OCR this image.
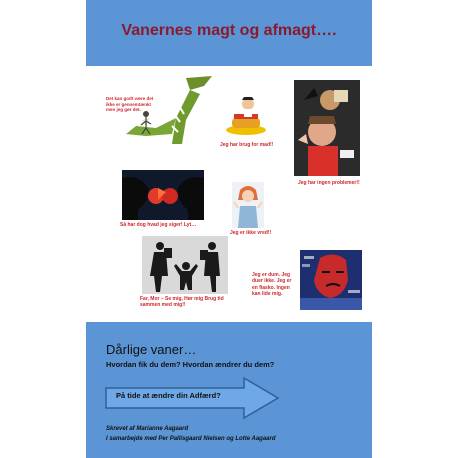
Vanernes magt og afmagt….
Det kan godt være det ikke er gennemtænkt men jeg gør det.
Jeg har brug for mad!!
Jeg har ingen problemer!!
Så har dog hvad jeg siger! Lyt…
Jeg er ikke vred!!
Far, Mor – Se mig, Hør mig Brug tid sammen med mig!!
Jeg er dum. Jeg duer ikke. Jeg er en fiasko. Ingen kan lide mig.
Dårlige vaner…
Hvordan fik du dem? Hvordan ændrer du dem?
På tide at ændre din Adfærd?
Skrevet af Marianne Aagaard
I samarbejde med Per Pallisgaard Nielsen og Lotte Aagaard
